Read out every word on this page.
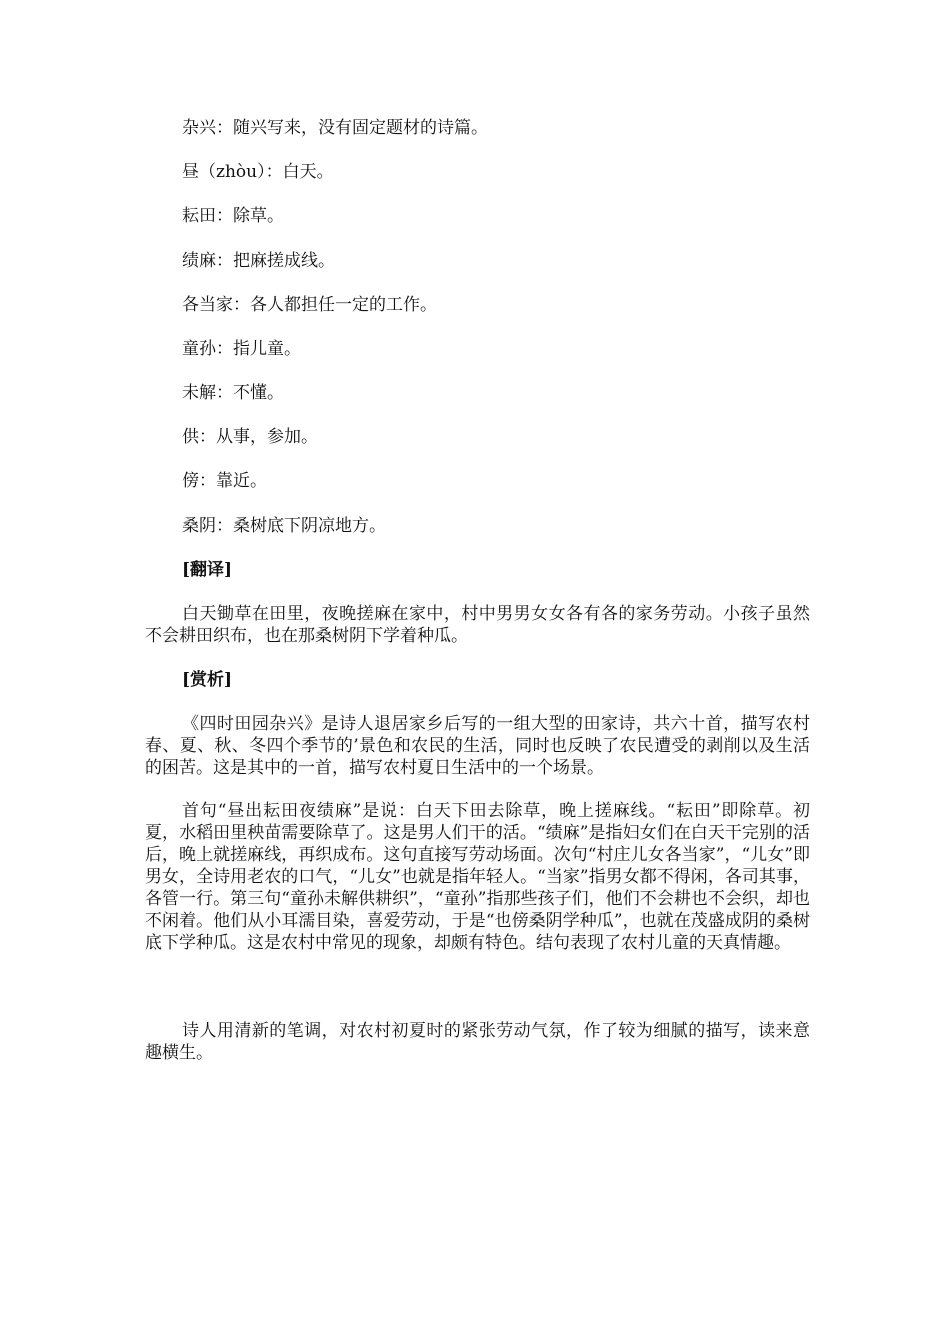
杂兴：随兴写来，没有固定题材的诗篇。
昼（zhòu）：白天。
耘田：除草。
绩麻：把麻搓成线。
各当家：各人都担任一定的工作。
童孙：指儿童。
未解：不懂。
供：从事，参加。
傍：靠近。
桑阴：桑树底下阴凉地方。
[翻译]
白天锄草在田里，夜晚搓麻在家中，村中男男女女各有各的家务劳动。小孩子虽然不会耕田织布，也在那桑树阴下学着种瓜。
[赏析]
《四时田园杂兴》是诗人退居家乡后写的一组大型的田家诗，共六十首，描写农村春、夏、秋、冬四个季节的’景色和农民的生活，同时也反映了农民遭受的剥削以及生活的困苦。这是其中的一首，描写农村夏日生活中的一个场景。
首句“昼出耘田夜绩麻”是说：白天下田去除草，晚上搓麻线。“耘田”即除草。初夏，水稻田里秧苗需要除草了。这是男人们干的活。“绩麻”是指妇女们在白天干完别的活后，晚上就搓麻线，再织成布。这句直接写劳动场面。次句“村庄儿女各当家”，“儿女”即男女，全诗用老农的口气，“儿女”也就是指年轻人。“当家”指男女都不得闲，各司其事，各管一行。第三句“童孙未解供耕织”，“童孙”指那些孩子们，他们不会耕也不会织，却也不闲着。他们从小耳濡目染，喜爱劳动，于是“也傍桑阴学种瓜”，也就在茂盛成阴的桑树底下学种瓜。这是农村中常见的现象，却颇有特色。结句表现了农村儿童的天真情趣。
诗人用清新的笔调，对农村初夏时的紧张劳动气氛，作了较为细腻的描写，读来意趣横生。
